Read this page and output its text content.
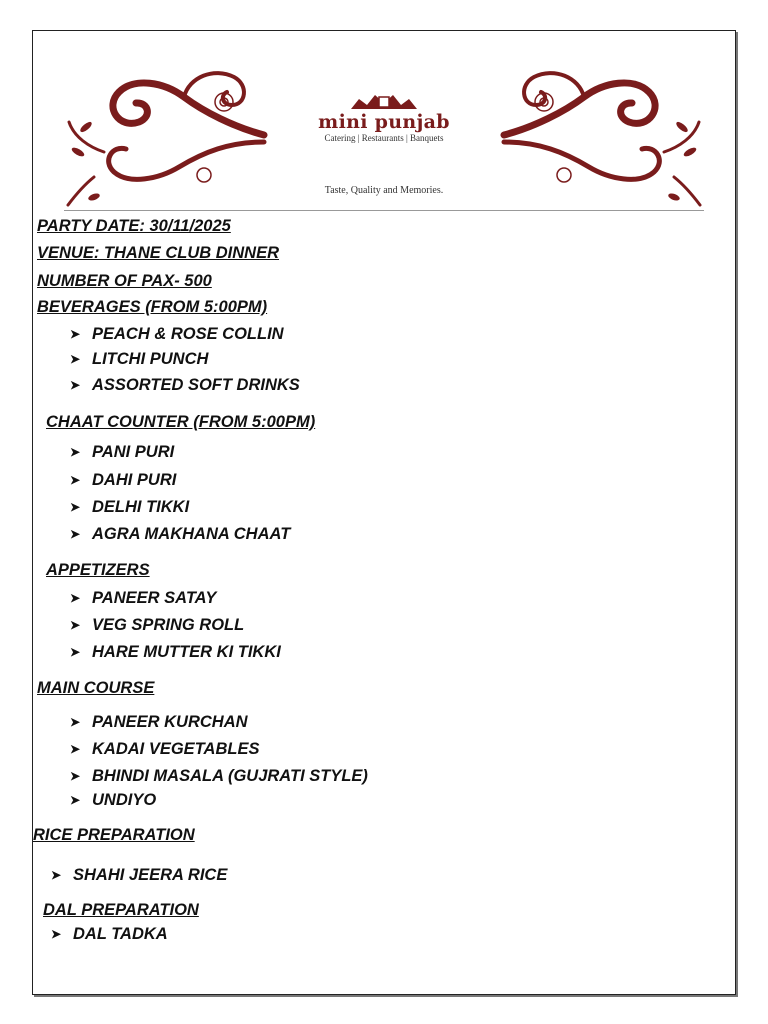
mini punjab
Catering | Restaurants | Banquets
Taste, Quality and Memories.
PARTY DATE: 30/11/2025
VENUE: THANE CLUB DINNER
NUMBER OF PAX- 500
BEVERAGES (FROM 5:00PM)
➤ PEACH & ROSE COLLIN
➤ LITCHI PUNCH
➤ ASSORTED SOFT DRINKS
CHAAT COUNTER (FROM 5:00PM)
➤ PANI PURI
➤ DAHI PURI
➤ DELHI TIKKI
➤ AGRA MAKHANA CHAAT
APPETIZERS
➤ PANEER SATAY
➤ VEG SPRING ROLL
➤ HARE MUTTER KI TIKKI
MAIN COURSE
➤ PANEER KURCHAN
➤ KADAI VEGETABLES
➤ BHINDI MASALA (GUJRATI STYLE)
➤ UNDIYO
RICE PREPARATION
➤ SHAHI JEERA RICE
DAL PREPARATION
➤ DAL TADKA
